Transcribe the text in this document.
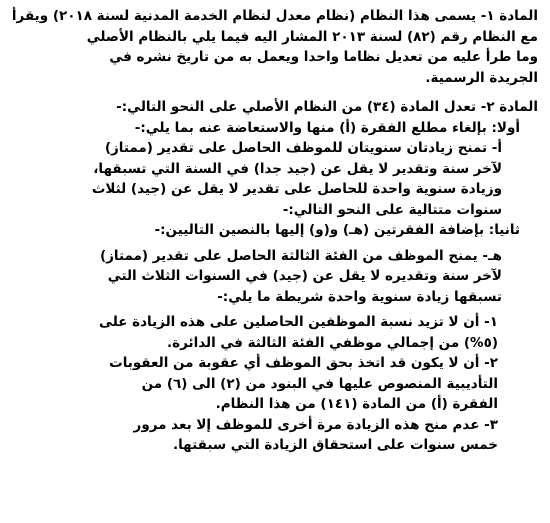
المادة ١- يسمى هذا النظام (نظام معدل لنظام الخدمة المدنية لسنة ٢٠١٨) ويقرأ
مع النظام رقم (٨٢) لسنة ٢٠١٣ المشار اليه فيما يلي بالنظام الأصلي
وما طرأ عليه من تعديل نظاما واحدا ويعمل به من تاريخ نشره في
الجريدة الرسمية.
المادة ٢- تعدل المادة (٣٤) من النظام الأصلي على النحو التالي:-
أولا: بإلغاء مطلع الفقرة (أ) منها والاستعاضة عنه بما يلي:-
أ- تمنح زيادتان سنويتان للموظف الحاصل على تقدير (ممتاز)
لآخر سنة وتقدير لا يقل عن (جيد جدا) في السنة التي تسبقها،
وزيادة سنوية واحدة للحاصل على تقدير لا يقل عن (جيد) لثلاث
سنوات متتالية على النحو التالي:-
ثانيا: بإضافة الفقرتين (هـ) و(و) إليها بالنصين التاليين:-
هـ- يمنح الموظف من الفئة الثالثة الحاصل على تقدير (ممتاز)
لآخر سنة وتقديره لا يقل عن (جيد) في السنوات الثلاث التي
تسبقها زيادة سنوية واحدة شريطة ما يلي:-
١- أن لا تزيد نسبة الموظفين الحاصلين على هذه الزيادة على
(٥%) من إجمالي موظفي الفئة الثالثة في الدائرة.
٢- أن لا يكون قد اتخذ بحق الموظف أي عقوبة من العقوبات
التأديبية المنصوص عليها في البنود من (٢) الى (٦) من
الفقرة (أ) من المادة (١٤١) من هذا النظام.
٣- عدم منح هذه الزيادة مرة أخرى للموظف إلا بعد مرور
خمس سنوات على استحقاق الزيادة التي سبقتها.
